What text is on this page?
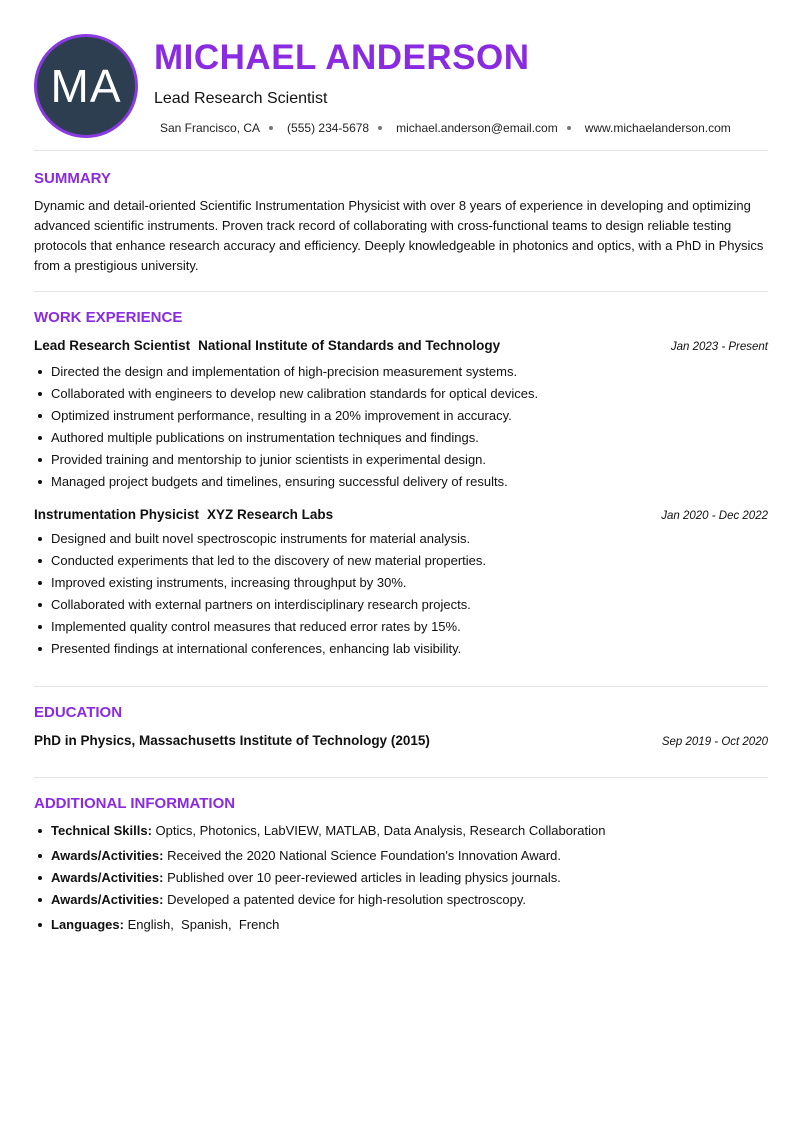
MA
MICHAEL ANDERSON
Lead Research Scientist
San Francisco, CA (555) 234-5678 michael.anderson@email.com www.michaelanderson.com
SUMMARY

Dynamic and detail-oriented Scientific Instrumentation Physicist with over 8 years of experience in developing and optimizing advanced scientific instruments. Proven track record of collaborating with cross-functional teams to design reliable testing protocols that enhance research accuracy and efficiency. Deeply knowledgeable in photonics and optics, with a PhD in Physics from a prestigious university.

WORK EXPERIENCE
Lead Research Scientist National Institute of Standards and Technology	Jan 2023 - Present
Directed the design and implementation of high-precision measurement systems.
Collaborated with engineers to develop new calibration standards for optical devices.
Optimized instrument performance, resulting in a 20% improvement in accuracy.
Authored multiple publications on instrumentation techniques and findings.
Provided training and mentorship to junior scientists in experimental design.
Managed project budgets and timelines, ensuring successful delivery of results.
Instrumentation Physicist XYZ Research Labs	Jan 2020 - Dec 2022
Designed and built novel spectroscopic instruments for material analysis.
Conducted experiments that led to the discovery of new material properties.
Improved existing instruments, increasing throughput by 30%.
Collaborated with external partners on interdisciplinary research projects.
Implemented quality control measures that reduced error rates by 15%.
Presented findings at international conferences, enhancing lab visibility.
EDUCATION
PhD in Physics, Massachusetts Institute of Technology (2015)	Sep 2019 - Oct 2020
ADDITIONAL INFORMATION
Technical Skills: Optics, Photonics, LabVIEW, MATLAB, Data Analysis, Research Collaboration
Awards/Activities: Received the 2020 National Science Foundation's Innovation Award.
Awards/Activities: Published over 10 peer-reviewed articles in leading physics journals.
Awards/Activities: Developed a patented device for high-resolution spectroscopy.
Languages: English,  Spanish,  French
